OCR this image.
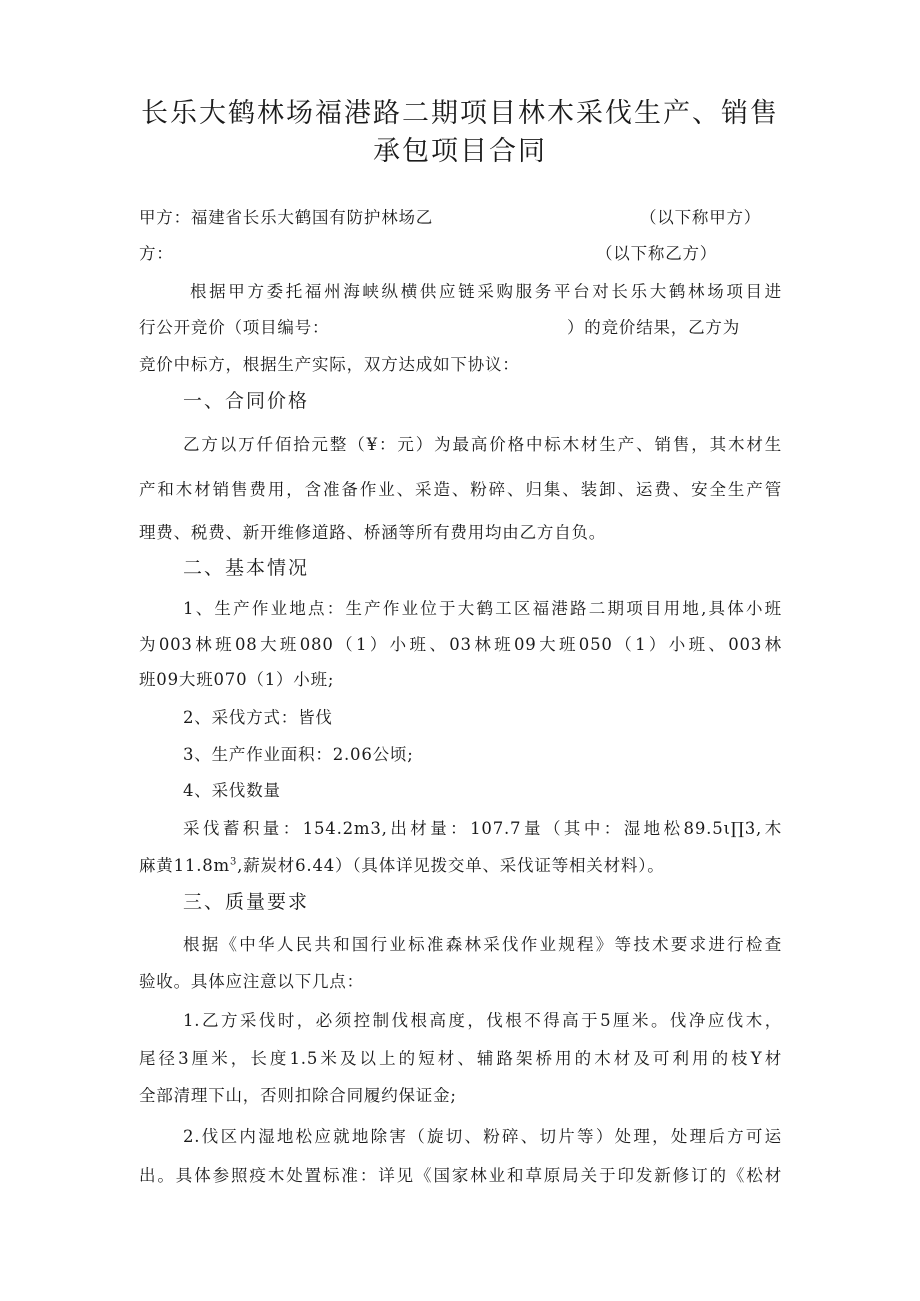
长乐大鹤林场福港路二期项目林木采伐生产、销售
承包项目合同
甲方：福建省长乐大鹤国有防护林场乙	（以下称甲方）
方：	（以下称乙方）
根据甲方委托福州海峡纵横供应链采购服务平台对长乐大鹤林场项目进
行公开竞价（项目编号：	）的竞价结果，乙方为
竞价中标方，根据生产实际，双方达成如下协议：
一、合同价格
乙方以万仟佰拾元整（¥：元）为最高价格中标木材生产、销售，其木材生
产和木材销售费用，含准备作业、采造、粉碎、归集、装卸、运费、安全生产管
理费、税费、新开维修道路、桥涵等所有费用均由乙方自负。
二、基本情况
1、生产作业地点：生产作业位于大鹤工区福港路二期项目用地,具体小班
为003林班08大班080（1）小班、03林班09大班050（1）小班、003林
班09大班070（1）小班;
2、采伐方式：皆伐
3、生产作业面积：2.06公顷;
4、采伐数量
采伐蓄积量：154.2m3,出材量：107.7量（其中：湿地松89.5ι∏3,木
麻黄$11.8m^3$,薪炭材6.44）（具体详见拨交单、采伐证等相关材料）。
三、质量要求
根据《中华人民共和国行业标准森林采伐作业规程》等技术要求进行检查
验收。具体应注意以下几点：
1.乙方采伐时，必须控制伐根高度，伐根不得高于5厘米。伐净应伐木，
尾径3厘米，长度1.5米及以上的短材、辅路架桥用的木材及可利用的枝Y材
全部清理下山，否则扣除合同履约保证金;
2.伐区内湿地松应就地除害（旋切、粉碎、切片等）处理，处理后方可运
出。具体参照疫木处置标准：详见《国家林业和草原局关于印发新修订的《松材
